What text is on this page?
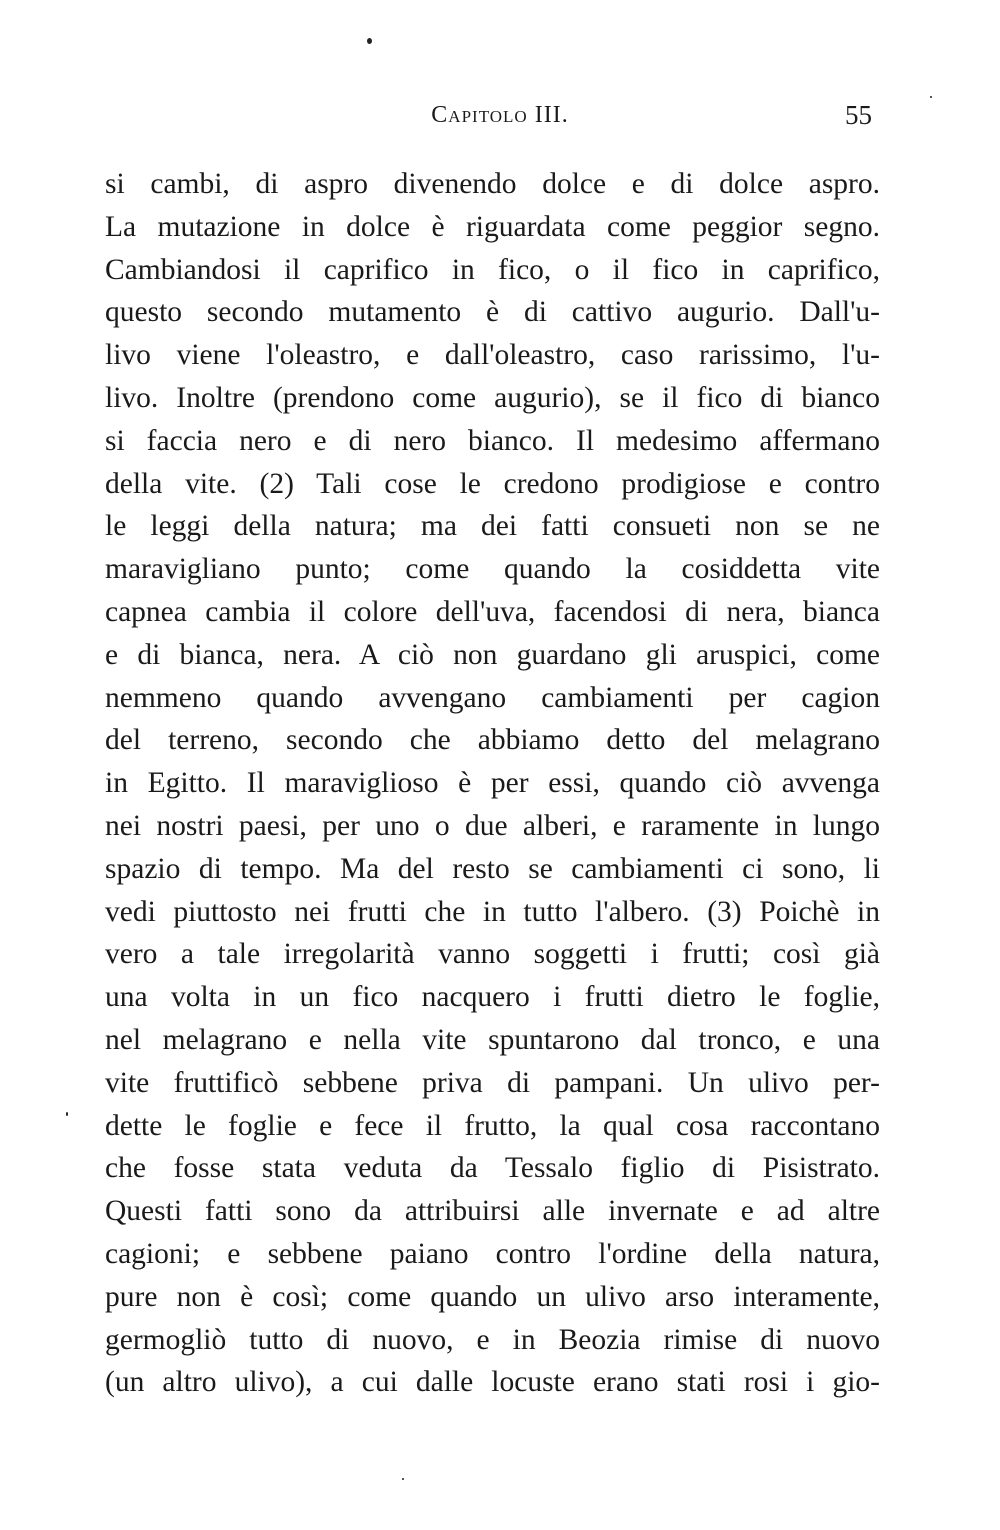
Capitolo III.	55
si cambi, di aspro divenendo dolce e di dolce aspro.
La mutazione in dolce è riguardata come peggior segno.
Cambiandosi il caprifico in fico, o il fico in caprifico,
questo secondo mutamento è di cattivo augurio. Dall'u-
livo viene l'oleastro, e dall'oleastro, caso rarissimo, l'u-
livo. Inoltre (prendono come augurio), se il fico di bianco
si faccia nero e di nero bianco. Il medesimo affermano
della vite. (2) Tali cose le credono prodigiose e contro
le leggi della natura; ma dei fatti consueti non se ne
maravigliano punto; come quando la cosiddetta vite
capnea cambia il colore dell'uva, facendosi di nera, bianca
e di bianca, nera. A ciò non guardano gli aruspici, come
nemmeno quando avvengano cambiamenti per cagion
del terreno, secondo che abbiamo detto del melagrano
in Egitto. Il maraviglioso è per essi, quando ciò avvenga
nei nostri paesi, per uno o due alberi, e raramente in lungo
spazio di tempo. Ma del resto se cambiamenti ci sono, li
vedi piuttosto nei frutti che in tutto l'albero. (3) Poichè in
vero a tale irregolarità vanno soggetti i frutti; così già
una volta in un fico nacquero i frutti dietro le foglie,
nel melagrano e nella vite spuntarono dal tronco, e una
vite fruttificò sebbene priva di pampani. Un ulivo per-
dette le foglie e fece il frutto, la qual cosa raccontano
che fosse stata veduta da Tessalo figlio di Pisistrato.
Questi fatti sono da attribuirsi alle invernate e ad altre
cagioni; e sebbene paiano contro l'ordine della natura,
pure non è così; come quando un ulivo arso interamente,
germogliò tutto di nuovo, e in Beozia rimise di nuovo
(un altro ulivo), a cui dalle locuste erano stati rosi i gio-
